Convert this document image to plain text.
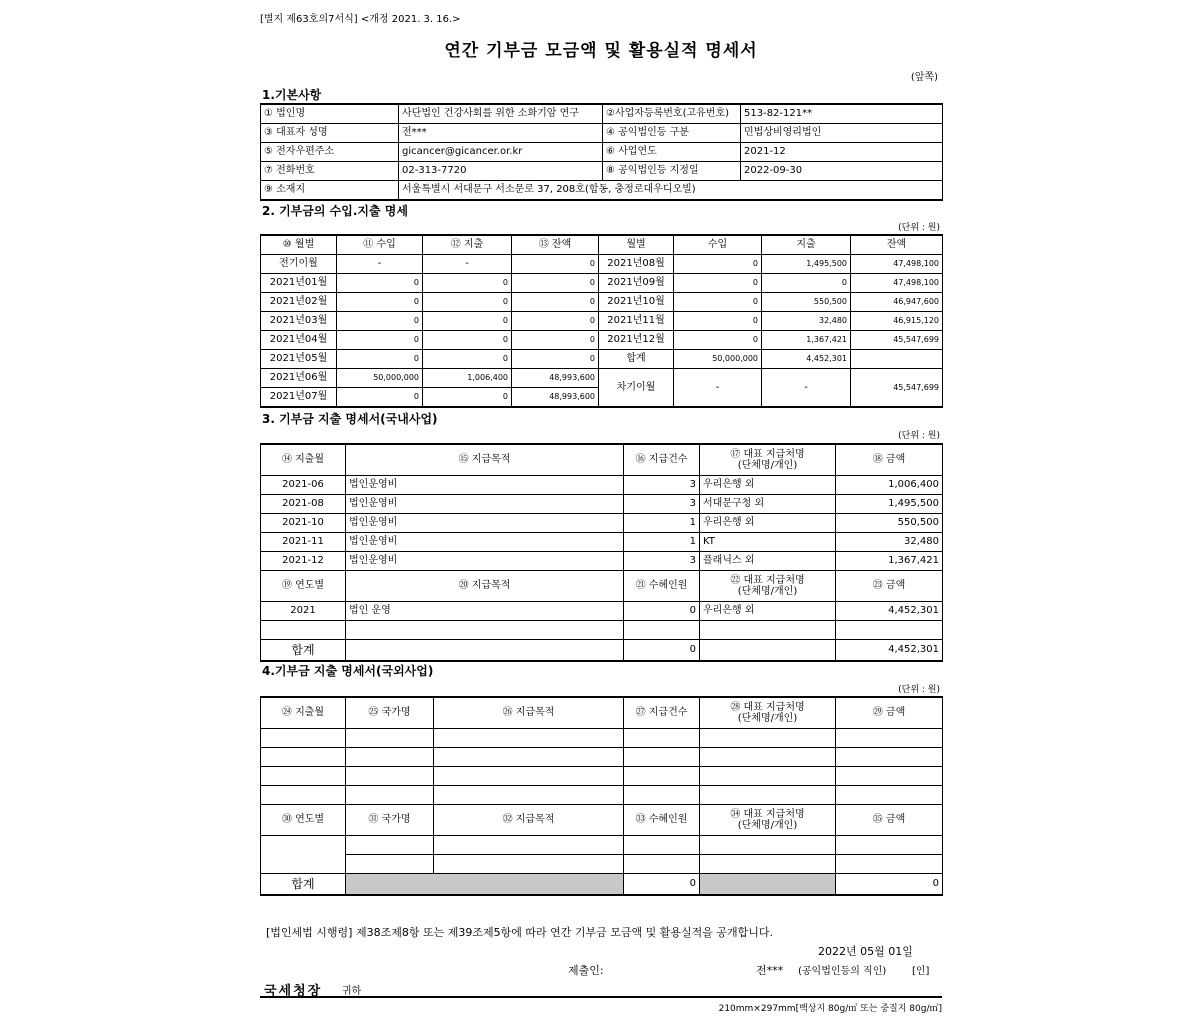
[별지 제63호의7서식] <개정 2021. 3. 16.>
연간 기부금 모금액 및 활용실적 명세서
(앞쪽)
1.기본사항
① 법인명	사단법인 건강사회를 위한 소화기암 연구	②사업자등록번호(고유번호)	513-82-121**
③ 대표자 성명	전***	④ 공익법인등 구분	민법상비영리법인
⑤ 전자우편주소	gicancer@gicancer.or.kr	⑥ 사업연도	2021-12
⑦ 전화번호	02-313-7720	⑧ 공익법인등 지정일	2022-09-30
⑨ 소재지	서울특별시 서대문구 서소문로 37, 208호(합동, 충정로대우디오빌)		
2. 기부금의 수입.지출 명세
(단위 : 원)
⑩ 월별	⑪ 수입	⑫ 지출	⑬ 잔액	월별	수입	지출	잔액
전기이월	-	-	0	2021년08월	0	1,495,500	47,498,100
2021년01월	0	0	0	2021년09월	0	0	47,498,100
2021년02월	0	0	0	2021년10월	0	550,500	46,947,600
2021년03월	0	0	0	2021년11월	0	32,480	46,915,120
2021년04월	0	0	0	2021년12월	0	1,367,421	45,547,699
2021년05월	0	0	0	합계	50,000,000	4,452,301	
2021년06월	50,000,000	1,006,400	48,993,600	차기이월	-	-	45,547,699
2021년07월	0	0	48,993,600				
3. 기부금 지출 명세서(국내사업)
(단위 : 원)
⑭ 지출월	⑮ 지급목적	⑯ 지급건수	⑰ 대표 지급처명
(단체명/개인)	⑱ 금액
2021-06	법인운영비	3	우리은행 외	1,006,400
2021-08	법인운영비	3	서대문구청 외	1,495,500
2021-10	법인운영비	1	우리은행 외	550,500
2021-11	법인운영비	1	KT	32,480
2021-12	법인운영비	3	플래닉스 외	1,367,421
⑲ 연도별	⑳ 지급목적	㉑ 수혜인원	㉒ 대표 지급처명
(단체명/개인)	㉓ 금액
2021	법인 운영	0	우리은행 외	4,452,301

합계		0		4,452,301
4.기부금 지출 명세서(국외사업)
(단위 : 원)
㉔ 지출월	㉕ 국가명	㉖ 지급목적	㉗ 지급건수	㉘ 대표 지급처명
(단체명/개인)	㉙ 금액

㉚ 연도별	㉛ 국가명	㉜ 지급목적	㉝ 수혜인원	㉞ 대표 지급처명
(단체명/개인)	㉟ 금액

합계			0		0
[법인세법 시행령] 제38조제8항 또는 제39조제5항에 따라 연간 기부금 모금액 및 활용실적을 공개합니다.
2022년 05월 01일
제출인:	전*** (공익법인등의 직인)	[인]
국세청장 귀하
210mm×297mm[백상지 80g/㎡ 또는 중질지 80g/㎡]
